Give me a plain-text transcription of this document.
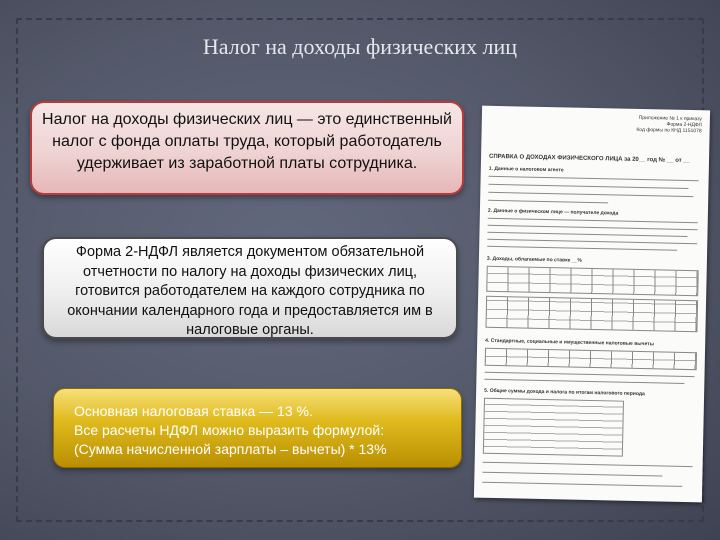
Налог на доходы физических лиц
Налог на доходы физических лиц — это единственный налог с фонда оплаты труда, который работодатель удерживает из заработной платы сотрудника.
Форма 2-НДФЛ является документом обязательной отчетности по налогу на доходы физических лиц, готовится работодателем на каждого сотрудника по окончании календарного года и предоставляется им в налоговые органы.
Основная налоговая ставка — 13 %.
Все расчеты НДФЛ можно выразить формулой:
(Сумма начисленной зарплаты – вычеты) * 13%
Приложение № 1 к приказу
Форма 2-НДФЛ
Код формы по КНД 1151078
СПРАВКА О ДОХОДАХ ФИЗИЧЕСКОГО ЛИЦА за 20__ год № __ от __
1. Данные о налоговом агенте
2. Данные о физическом лице — получателе дохода
3. Доходы, облагаемые по ставке __%
4. Стандартные, социальные и имущественные налоговые вычеты
5. Общие суммы дохода и налога по итогам налогового периода
